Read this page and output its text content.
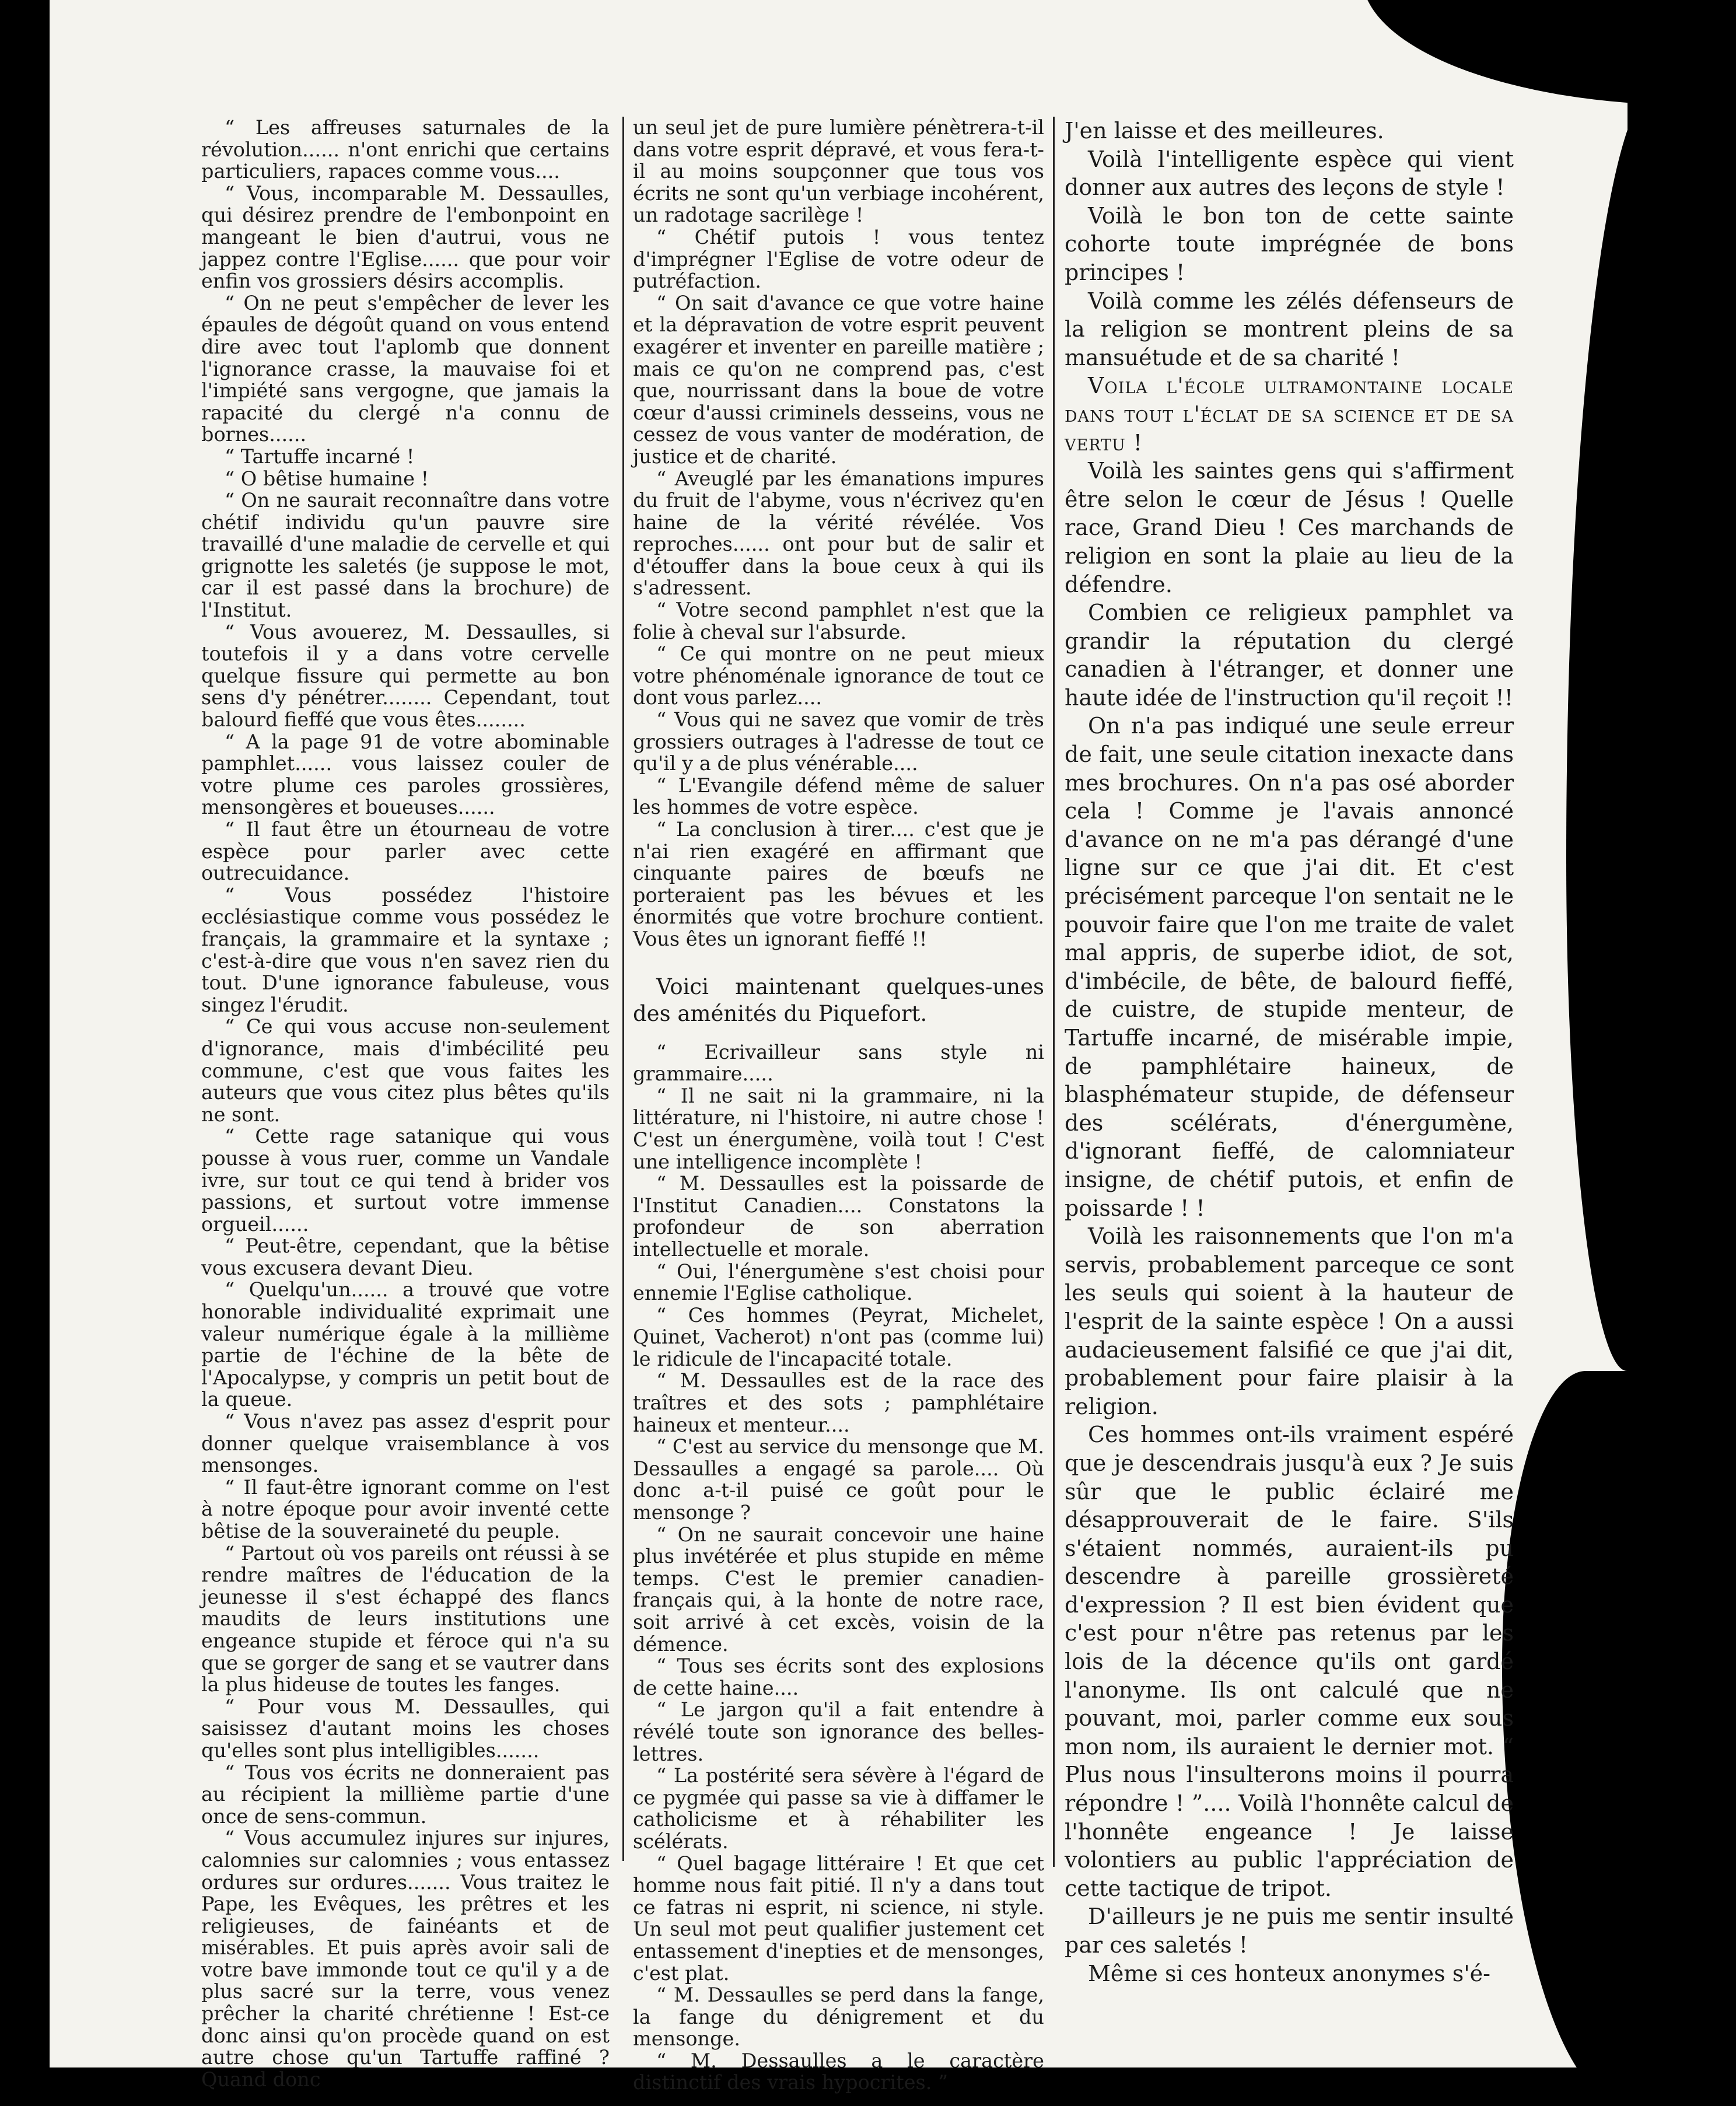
“ Les affreuses saturnales de la révolution...... n'ont enrichi que certains particuliers, rapaces comme vous....

“ Vous, incomparable M. Dessaulles, qui désirez prendre de l'embonpoint en mangeant le bien d'autrui, vous ne jappez contre l'Eglise...... que pour voir enfin vos grossiers désirs accomplis.

“ On ne peut s'empêcher de lever les épaules de dégoût quand on vous entend dire avec tout l'aplomb que donnent l'ignorance crasse, la mauvaise foi et l'impiété sans vergogne, que jamais la rapacité du clergé n'a connu de bornes......

“ Tartuffe incarné !

“ O bêtise humaine !

“ On ne saurait reconnaître dans votre chétif individu qu'un pauvre sire travaillé d'une maladie de cervelle et qui grignotte les saletés (je suppose le mot, car il est passé dans la brochure) de l'Institut.

“ Vous avouerez, M. Dessaulles, si toutefois il y a dans votre cervelle quelque fissure qui permette au bon sens d'y pénétrer........ Cependant, tout balourd fieffé que vous êtes........

“ A la page 91 de votre abominable pamphlet...... vous laissez couler de votre plume ces paroles grossières, mensongères et boueuses......

“ Il faut être un étourneau de votre espèce pour parler avec cette outrecuidance.

“ Vous possédez l'histoire ecclésiastique comme vous possédez le français, la grammaire et la syntaxe ; c'est-à-dire que vous n'en savez rien du tout. D'une ignorance fabuleuse, vous singez l'érudit.

“ Ce qui vous accuse non-seulement d'ignorance, mais d'imbécilité peu commune, c'est que vous faites les auteurs que vous citez plus bêtes qu'ils ne sont.

“ Cette rage satanique qui vous pousse à vous ruer, comme un Vandale ivre, sur tout ce qui tend à brider vos passions, et surtout votre immense orgueil......

“ Peut-être, cependant, que la bêtise vous excusera devant Dieu.

“ Quelqu'un...... a trouvé que votre honorable individualité exprimait une valeur numérique égale à la millième partie de l'échine de la bête de l'Apocalypse, y compris un petit bout de la queue.

“ Vous n'avez pas assez d'esprit pour donner quelque vraisemblance à vos mensonges.

“ Il faut-être ignorant comme on l'est à notre époque pour avoir inventé cette bêtise de la souveraineté du peuple.

“ Partout où vos pareils ont réussi à se rendre maîtres de l'éducation de la jeunesse il s'est échappé des flancs maudits de leurs institutions une engeance stupide et féroce qui n'a su que se gorger de sang et se vautrer dans la plus hideuse de toutes les fanges.

“ Pour vous M. Dessaulles, qui saisissez d'autant moins les choses qu'elles sont plus intelligibles.......

“ Tous vos écrits ne donneraient pas au récipient la millième partie d'une once de sens-commun.

“ Vous accumulez injures sur injures, calomnies sur calomnies ; vous entassez ordures sur ordures....... Vous traitez le Pape, les Evêques, les prêtres et les religieuses, de fainéants et de misérables. Et puis après avoir sali de votre bave immonde tout ce qu'il y a de plus sacré sur la terre, vous venez prêcher la charité chrétienne ! Est-ce donc ainsi qu'on procède quand on est autre chose qu'un Tartuffe raffiné ? Quand donc

un seul jet de pure lumière pénètrera-t-il dans votre esprit dépravé, et vous fera-t-il au moins soupçonner que tous vos écrits ne sont qu'un verbiage incohérent, un radotage sacrilège !

“ Chétif putois ! vous tentez d'imprégner l'Eglise de votre odeur de putréfaction.

“ On sait d'avance ce que votre haine et la dépravation de votre esprit peuvent exagérer et inventer en pareille matière ; mais ce qu'on ne comprend pas, c'est que, nourrissant dans la boue de votre cœur d'aussi criminels desseins, vous ne cessez de vous vanter de modération, de justice et de charité.

“ Aveuglé par les émanations impures du fruit de l'abyme, vous n'écrivez qu'en haine de la vérité révélée. Vos reproches...... ont pour but de salir et d'étouffer dans la boue ceux à qui ils s'adressent.

“ Votre second pamphlet n'est que la folie à cheval sur l'absurde.

“ Ce qui montre on ne peut mieux votre phénoménale ignorance de tout ce dont vous parlez....

“ Vous qui ne savez que vomir de très grossiers outrages à l'adresse de tout ce qu'il y a de plus vénérable....

“ L'Evangile défend même de saluer les hommes de votre espèce.

“ La conclusion à tirer.... c'est que je n'ai rien exagéré en affirmant que cinquante paires de bœufs ne porteraient pas les bévues et les énormités que votre brochure contient. Vous êtes un ignorant fieffé !!

Voici maintenant quelques-unes des aménités du Piquefort.

“ Ecrivailleur sans style ni grammaire.....

“ Il ne sait ni la grammaire, ni la littérature, ni l'histoire, ni autre chose ! C'est un énergumène, voilà tout ! C'est une intelligence incomplète !

“ M. Dessaulles est la poissarde de l'Institut Canadien.... Constatons la profondeur de son aberration intellectuelle et morale.

“ Oui, l'énergumène s'est choisi pour ennemie l'Eglise catholique.

“ Ces hommes (Peyrat, Michelet, Quinet, Vacherot) n'ont pas (comme lui) le ridicule de l'incapacité totale.

“ M. Dessaulles est de la race des traîtres et des sots ; pamphlétaire haineux et menteur....

“ C'est au service du mensonge que M. Dessaulles a engagé sa parole.... Où donc a-t-il puisé ce goût pour le mensonge ?

“ On ne saurait concevoir une haine plus invétérée et plus stupide en même temps. C'est le premier canadien-français qui, à la honte de notre race, soit arrivé à cet excès, voisin de la démence.

“ Tous ses écrits sont des explosions de cette haine....

“ Le jargon qu'il a fait entendre à révélé toute son ignorance des belles-lettres.

“ La postérité sera sévère à l'égard de ce pygmée qui passe sa vie à diffamer le catholicisme et à réhabiliter les scélérats.

“ Quel bagage littéraire ! Et que cet homme nous fait pitié. Il n'y a dans tout ce fatras ni esprit, ni science, ni style. Un seul mot peut qualifier justement cet entassement d'inepties et de mensonges, c'est plat.

“ M. Dessaulles se perd dans la fange, la fange du dénigrement et du mensonge.

“ M. Dessaulles a le caractère distinctif des vrais hypocrites. ”

J'en laisse et des meilleures.

Voilà l'intelligente espèce qui vient donner aux autres des leçons de style !

Voilà le bon ton de cette sainte cohorte toute imprégnée de bons principes !

Voilà comme les zélés défenseurs de la religion se montrent pleins de sa mansuétude et de sa charité !

Voila l'école ultramontaine locale dans tout l'éclat de sa science et de sa vertu !

Voilà les saintes gens qui s'affirment être selon le cœur de Jésus ! Quelle race, Grand Dieu ! Ces marchands de religion en sont la plaie au lieu de la défendre.

Combien ce religieux pamphlet va grandir la réputation du clergé canadien à l'étranger, et donner une haute idée de l'instruction qu'il reçoit !!

On n'a pas indiqué une seule erreur de fait, une seule citation inexacte dans mes brochures. On n'a pas osé aborder cela ! Comme je l'avais annoncé d'avance on ne m'a pas dérangé d'une ligne sur ce que j'ai dit. Et c'est précisément parceque l'on sentait ne le pouvoir faire que l'on me traite de valet mal appris, de superbe idiot, de sot, d'imbécile, de bête, de balourd fieffé, de cuistre, de stupide menteur, de Tartuffe incarné, de misérable impie, de pamphlétaire haineux, de blasphémateur stupide, de défenseur des scélérats, d'énergumène, d'ignorant fieffé, de calomniateur insigne, de chétif putois, et enfin de poissarde ! !

Voilà les raisonnements que l'on m'a servis, probablement parceque ce sont les seuls qui soient à la hauteur de l'esprit de la sainte espèce ! On a aussi audacieusement falsifié ce que j'ai dit, probablement pour faire plaisir à la religion.

Ces hommes ont-ils vraiment espéré que je descendrais jusqu'à eux ? Je suis sûr que le public éclairé me désapprouverait de le faire. S'ils s'étaient nommés, auraient-ils pu descendre à pareille grossièreté d'expression ? Il est bien évident que c'est pour n'être pas retenus par les lois de la décence qu'ils ont gardé l'anonyme. Ils ont calculé que ne pouvant, moi, parler comme eux sous mon nom, ils auraient le dernier mot. “ Plus nous l'insulterons moins il pourra répondre ! ”.... Voilà l'honnête calcul de l'honnête engeance ! Je laisse volontiers au public l'appréciation de cette tactique de tripot.

D'ailleurs je ne puis me sentir insulté par ces saletés !

Même si ces honteux anonymes s'é-
